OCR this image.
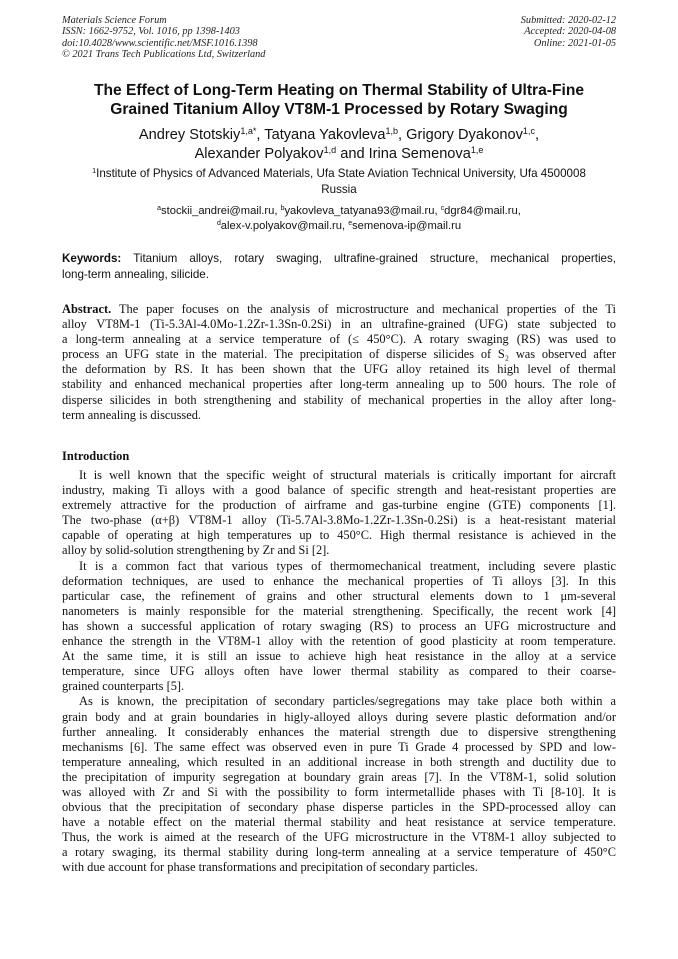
Materials Science Forum
ISSN: 1662-9752, Vol. 1016, pp 1398-1403
doi:10.4028/www.scientific.net/MSF.1016.1398
© 2021 Trans Tech Publications Ltd, Switzerland
Submitted: 2020-02-12
Accepted: 2020-04-08
Online: 2021-01-05
The Effect of Long-Term Heating on Thermal Stability of Ultra-Fine
Grained Titanium Alloy VT8M-1 Processed by Rotary Swaging
Andrey Stotskiy$^{1,a*}$, Tatyana Yakovleva$^{1,b}$, Grigory Dyakonov$^{1,c}$,
Alexander Polyakov$^{1,d}$ and Irina Semenova$^{1,e}$
$^1$Institute of Physics of Advanced Materials, Ufa State Aviation Technical University, Ufa 4500008
Russia
$^a$stockii_andrei@mail.ru, $^b$yakovleva_tatyana93@mail.ru, $^c$dgr84@mail.ru,
$^d$alex-v.polyakov@mail.ru, $^e$semenova-ip@mail.ru
Keywords: Titanium alloys, rotary swaging, ultrafine-grained structure, mechanical properties,
long-term annealing, silicide.
Abstract. The paper focuses on the analysis of microstructure and mechanical properties of the Ti
alloy VT8M-1 (Ti-5.3Al-4.0Mo-1.2Zr-1.3Sn-0.2Si) in an ultrafine-grained (UFG) state subjected to
a long-term annealing at a service temperature of (≤ 450°C). A rotary swaging (RS) was used to
process an UFG state in the material. The precipitation of disperse silicides of S₂ was observed after
the deformation by RS. It has been shown that the UFG alloy retained its high level of thermal
stability and enhanced mechanical properties after long-term annealing up to 500 hours. The role of
disperse silicides in both strengthening and stability of mechanical properties in the alloy after long-
term annealing is discussed.
Introduction
It is well known that the specific weight of structural materials is critically important for aircraft
industry, making Ti alloys with a good balance of specific strength and heat-resistant properties are
extremely attractive for the production of airframe and gas-turbine engine (GTE) components [1].
The two-phase (α+β) VT8M-1 alloy (Ti-5.7Al-3.8Mo-1.2Zr-1.3Sn-0.2Si) is a heat-resistant material
capable of operating at high temperatures up to 450°C. High thermal resistance is achieved in the
alloy by solid-solution strengthening by Zr and Si [2].
It is a common fact that various types of thermomechanical treatment, including severe plastic
deformation techniques, are used to enhance the mechanical properties of Ti alloys [3]. In this
particular case, the refinement of grains and other structural elements down to 1 μm-several
nanometers is mainly responsible for the material strengthening. Specifically, the recent work [4]
has shown a successful application of rotary swaging (RS) to process an UFG microstructure and
enhance the strength in the VT8M-1 alloy with the retention of good plasticity at room temperature.
At the same time, it is still an issue to achieve high heat resistance in the alloy at a service
temperature, since UFG alloys often have lower thermal stability as compared to their coarse-
grained counterparts [5].
As is known, the precipitation of secondary particles/segregations may take place both within a
grain body and at grain boundaries in higly-alloyed alloys during severe plastic deformation and/or
further annealing. It considerably enhances the material strength due to dispersive strengthening
mechanisms [6]. The same effect was observed even in pure Ti Grade 4 processed by SPD and low-
temperature annealing, which resulted in an additional increase in both strength and ductility due to
the precipitation of impurity segregation at boundary grain areas [7]. In the VT8M-1, solid solution
was alloyed with Zr and Si with the possibility to form intermetallide phases with Ti [8-10]. It is
obvious that the precipitation of secondary phase disperse particles in the SPD-processed alloy can
have a notable effect on the material thermal stability and heat resistance at service temperature.
Thus, the work is aimed at the research of the UFG microstructure in the VT8M-1 alloy subjected to
a rotary swaging, its thermal stability during long-term annealing at a service temperature of 450°C
with due account for phase transformations and precipitation of secondary particles.
